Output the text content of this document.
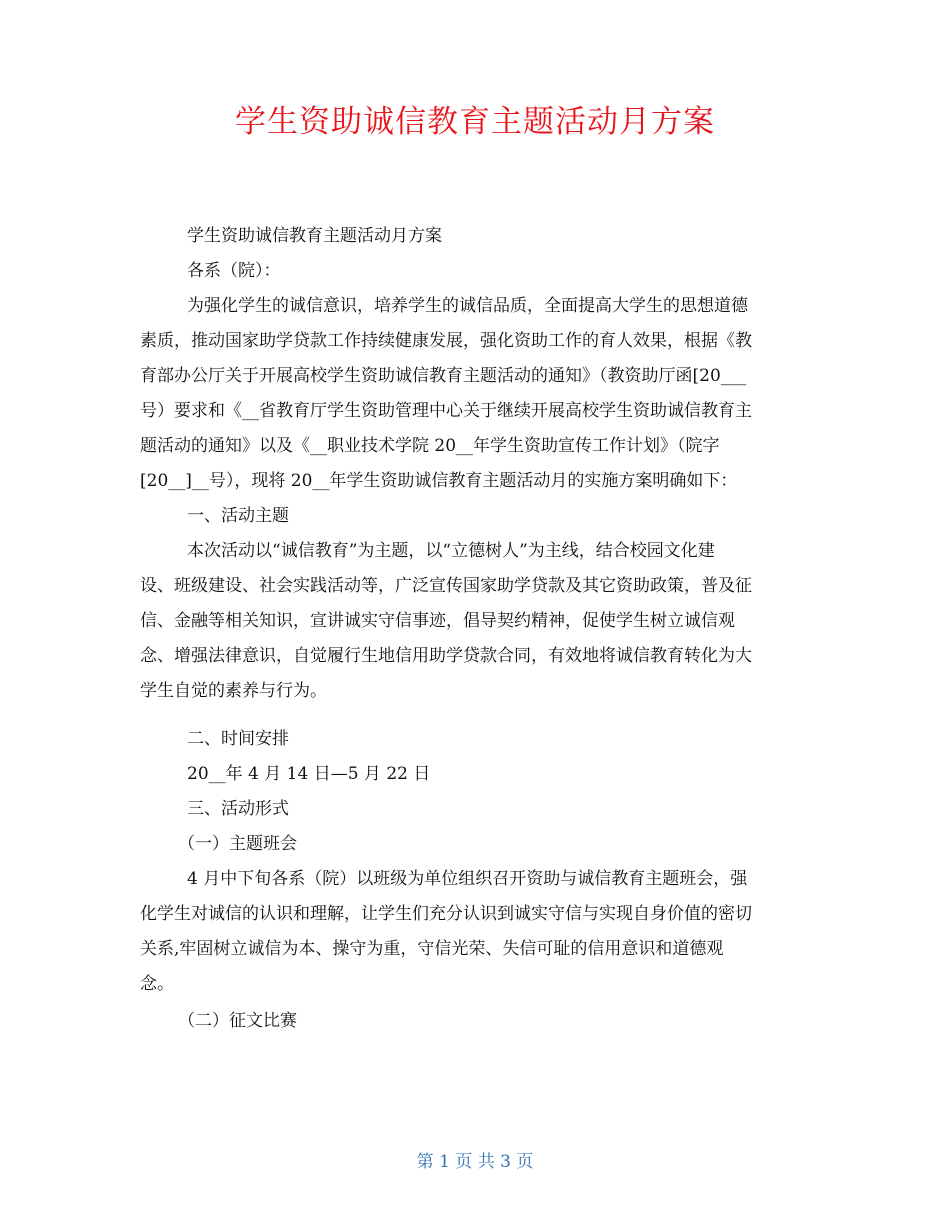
学生资助诚信教育主题活动月方案
学生资助诚信教育主题活动月方案
各系（院）：
为强化学生的诚信意识，培养学生的诚信品质，全面提高大学生的思想道德
素质，推动国家助学贷款工作持续健康发展，强化资助工作的育人效果，根据《教
育部办公厅关于开展高校学生资助诚信教育主题活动的通知》（教资助厅函[20___
号）要求和《__省教育厅学生资助管理中心关于继续开展高校学生资助诚信教育主
题活动的通知》以及《__职业技术学院 20__年学生资助宣传工作计划》（院字
[20__]__号），现将 20__年学生资助诚信教育主题活动月的实施方案明确如下：
一、活动主题
本次活动以“诚信教育”为主题，以“立德树人”为主线，结合校园文化建
设、班级建设、社会实践活动等，广泛宣传国家助学贷款及其它资助政策，普及征
信、金融等相关知识，宣讲诚实守信事迹，倡导契约精神，促使学生树立诚信观
念、增强法律意识，自觉履行生地信用助学贷款合同，有效地将诚信教育转化为大
学生自觉的素养与行为。
二、时间安排
20__年 4 月 14 日—5 月 22 日
三、活动形式
（一）主题班会
4 月中下旬各系（院）以班级为单位组织召开资助与诚信教育主题班会，强
化学生对诚信的认识和理解，让学生们充分认识到诚实守信与实现自身价值的密切
关系,牢固树立诚信为本、操守为重，守信光荣、失信可耻的信用意识和道德观
念。
（二）征文比赛
第 1 页 共 3 页
